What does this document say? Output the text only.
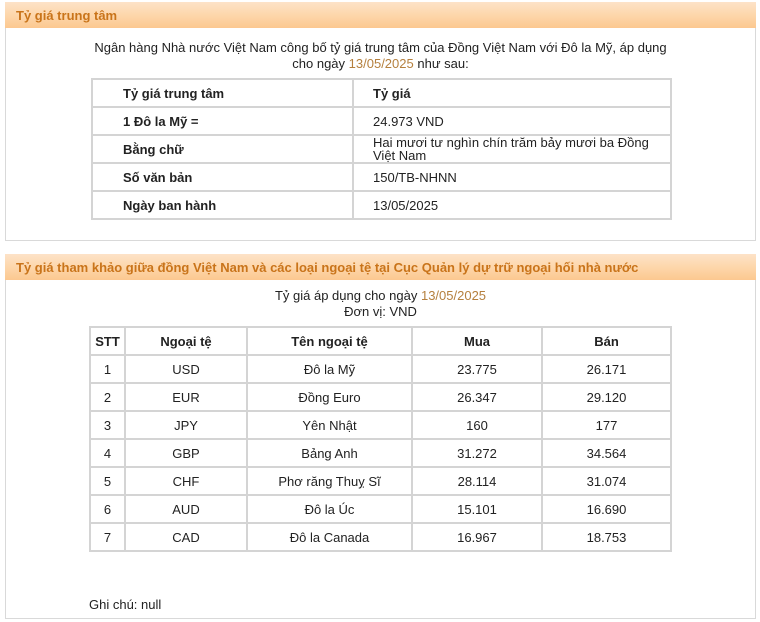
Tỷ giá trung tâm
Ngân hàng Nhà nước Việt Nam công bố tỷ giá trung tâm của Đồng Việt Nam với Đô la Mỹ, áp dụng
cho ngày 13/05/2025 như sau:
Tỷ giá trung tâm	Tỷ giá
1 Đô la Mỹ =	24.973 VND
Bằng chữ	Hai mươi tư nghìn chín trăm bảy mươi ba Đồng Việt Nam
Số văn bản	150/TB-NHNN
Ngày ban hành	13/05/2025
Tỷ giá tham khảo giữa đồng Việt Nam và các loại ngoại tệ tại Cục Quản lý dự trữ ngoại hối nhà nước
Tỷ giá áp dụng cho ngày 13/05/2025
Đơn vị: VND
STT	Ngoại tệ	Tên ngoại tệ	Mua	Bán
1	USD	Đô la Mỹ	23.775	26.171
2	EUR	Đồng Euro	26.347	29.120
3	JPY	Yên Nhật	160	177
4	GBP	Bảng Anh	31.272	34.564
5	CHF	Phơ răng Thuỵ Sĩ	28.114	31.074
6	AUD	Đô la Úc	15.101	16.690
7	CAD	Đô la Canada	16.967	18.753
Ghi chú: null
